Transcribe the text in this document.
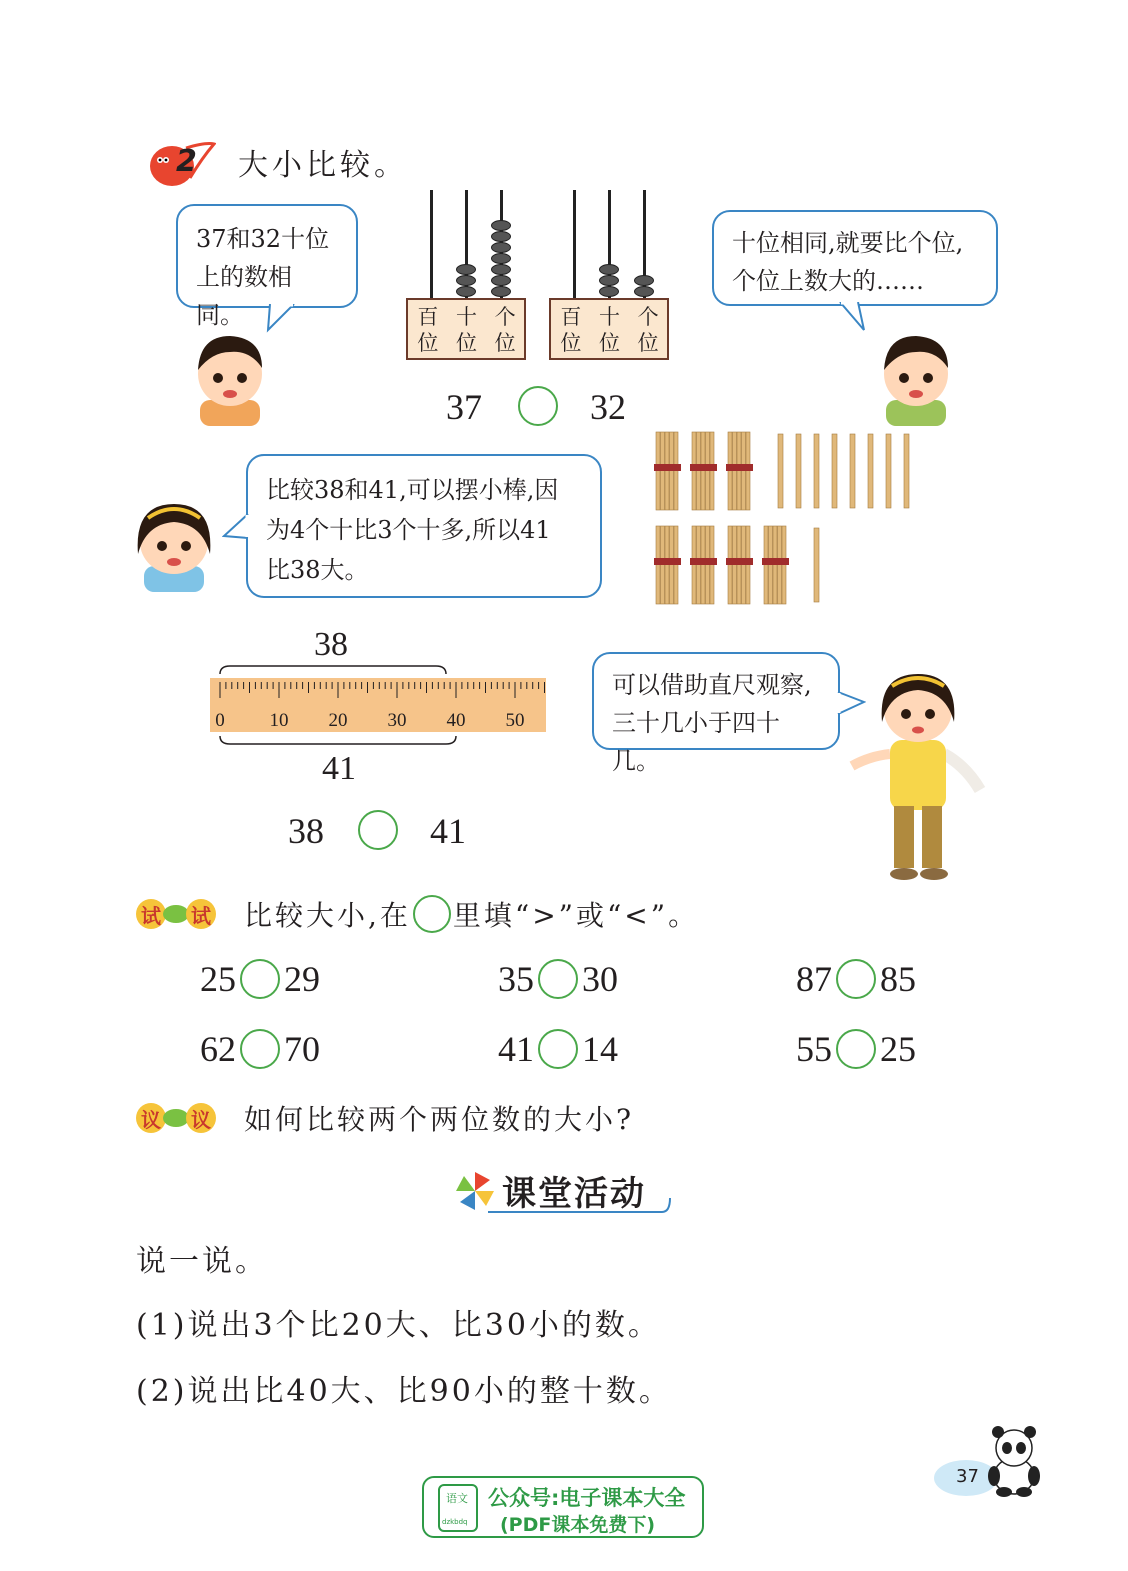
2 大小比较。
37和32十位
上的数相同。	百位
十位
个位
百位
十位
个位
37	32
十位相同,就要比个位,
个位上数大的……
比较38和41,可以摆小棒,因
为4个十比3个十多,所以41
比38大。
38
0 10 20 30 40 50
41
38	41
可以借助直尺观察,
三十几小于四十几。
试 试 比较大小,在 里填“>”或“<”。
25 29	35 30	87 85
62 70	41 14	55 25
议 议 如何比较两个两位数的大小?
课堂活动
说一说。
(1)说出3个比20大、比30小的数。
(2)说出比40大、比90小的整十数。
37
语文
dzkbdq
公众号:电子课本大全
(PDF课本免费下)
